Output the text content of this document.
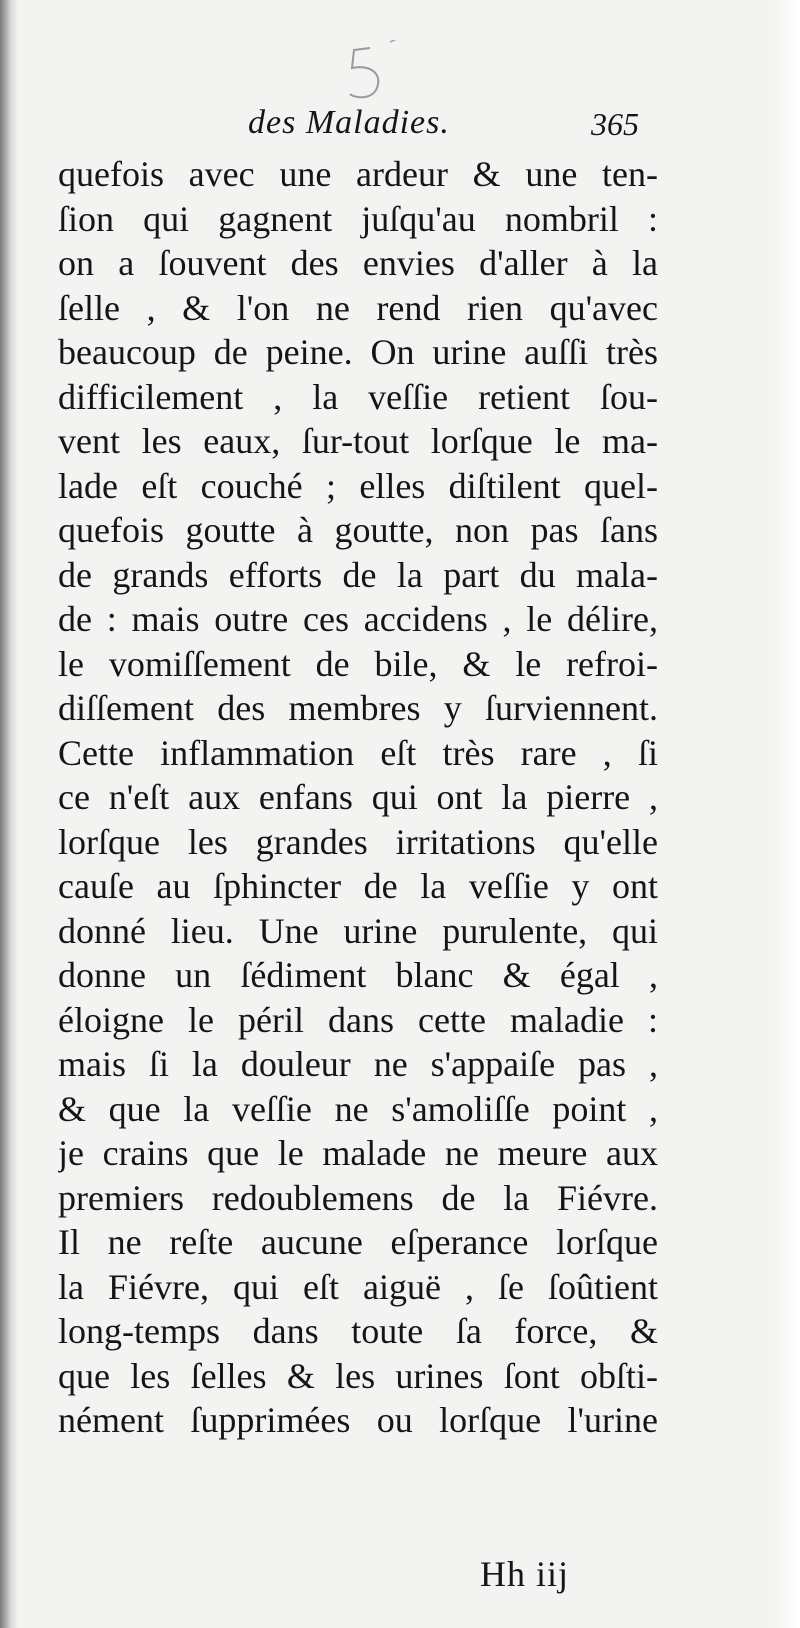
des Maladies.	365
quefois avec une ardeur & une ten-
ſion qui gagnent juſqu'au nombril :
on a ſouvent des envies d'aller à la
ſelle , & l'on ne rend rien qu'avec
beaucoup de peine. On urine auſſi très
difficilement , la veſſie retient ſou-
vent les eaux, ſur-tout lorſque le ma-
lade eſt couché ; elles diſtilent quel-
quefois goutte à goutte, non pas ſans
de grands efforts de la part du mala-
de : mais outre ces accidens , le délire,
le vomiſſement de bile, & le refroi-
diſſement des membres y ſurviennent.
Cette inflammation eſt très rare , ſi
ce n'eſt aux enfans qui ont la pierre ,
lorſque les grandes irritations qu'elle
cauſe au ſphincter de la veſſie y ont
donné lieu. Une urine purulente, qui
donne un ſédiment blanc & égal ,
éloigne le péril dans cette maladie :
mais ſi la douleur ne s'appaiſe pas ,
& que la veſſie ne s'amoliſſe point ,
je crains que le malade ne meure aux
premiers redoublemens de la Fiévre.
Il ne reſte aucune eſperance lorſque
la Fiévre, qui eſt aiguë , ſe ſoûtient
long-temps dans toute ſa force, &
que les ſelles & les urines ſont obſti-
nément ſupprimées ou lorſque l'urine
Hh iij
